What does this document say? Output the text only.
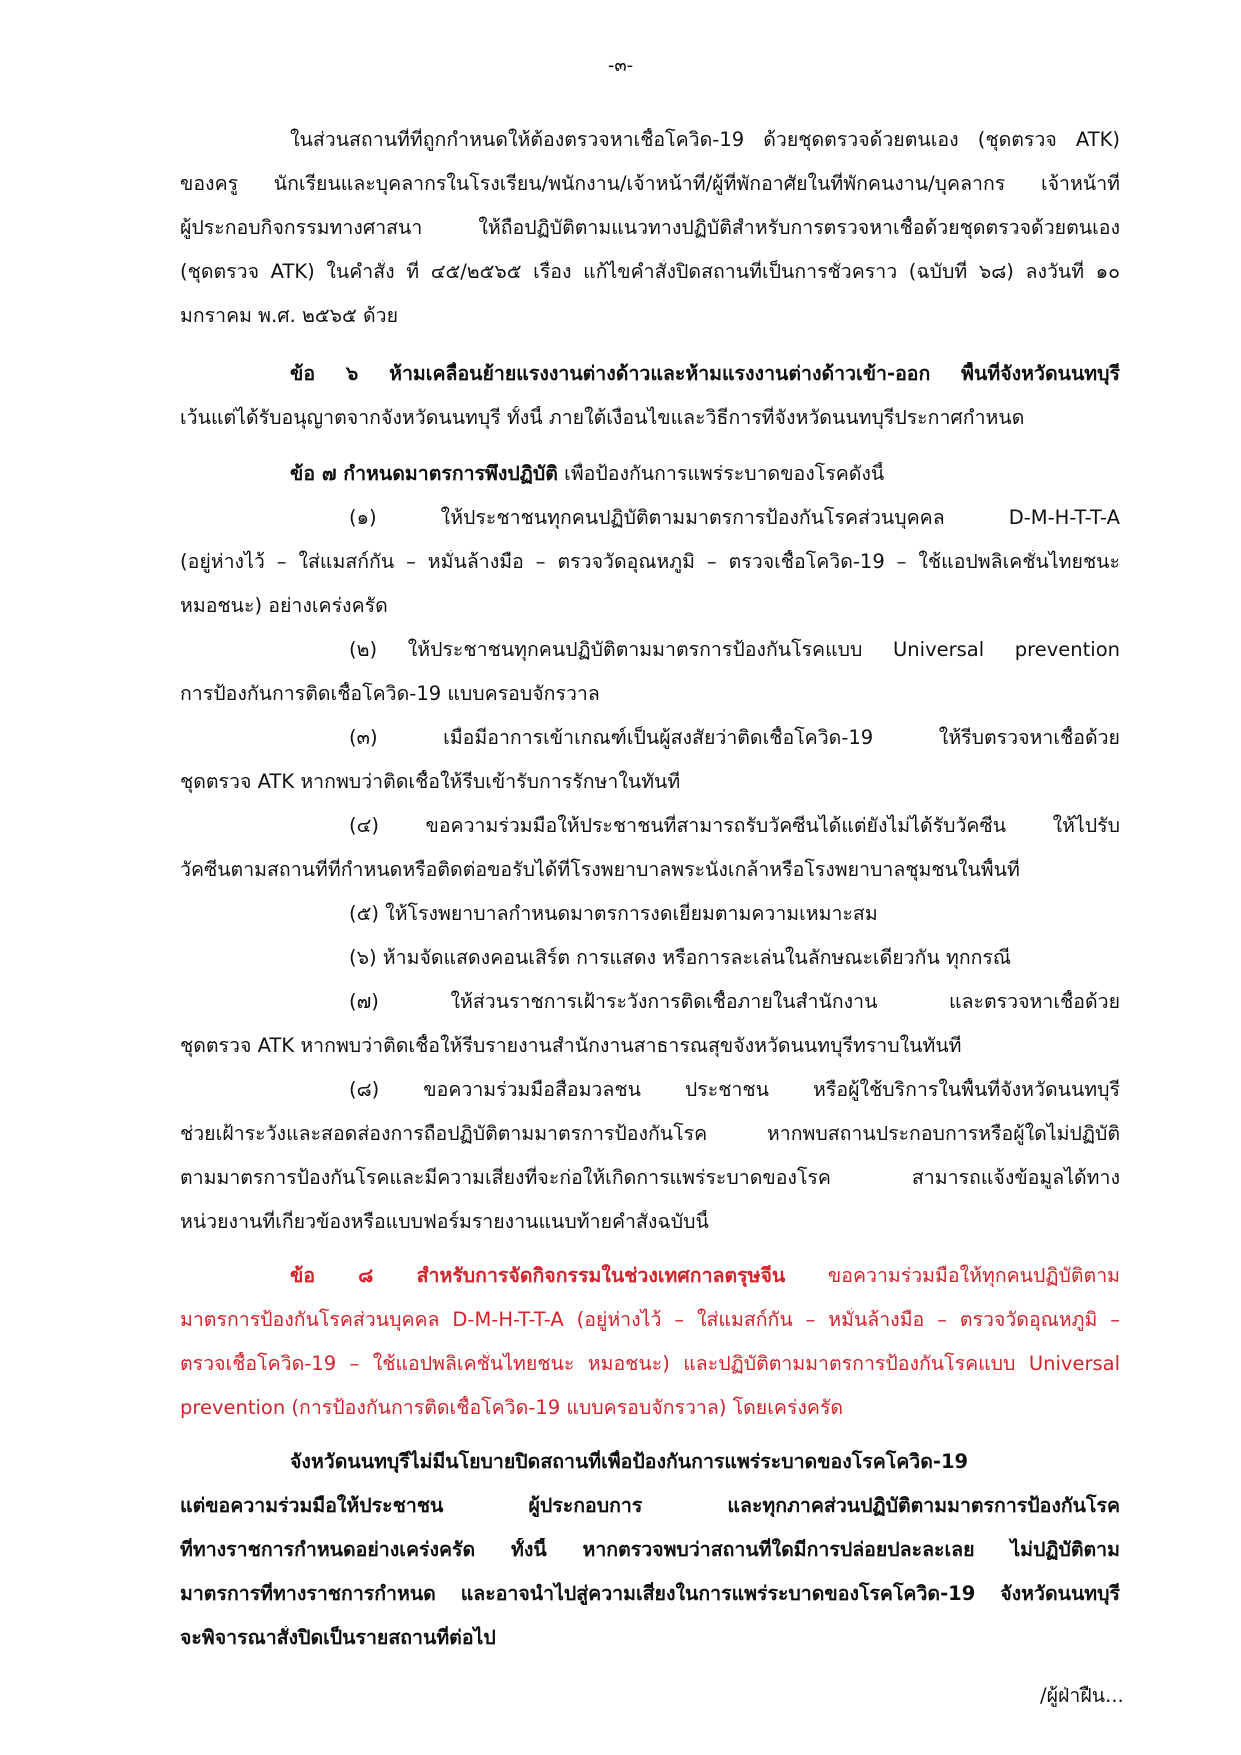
-๓-
ในส่วนสถานที่ที่ถูกกำหนดให้ต้องตรวจหาเชื้อโควิด-19 ด้วยชุดตรวจด้วยตนเอง (ชุดตรวจ ATK)
ของครู นักเรียนและบุคลากรในโรงเรียน/พนักงาน/เจ้าหน้าที่/ผู้ที่พักอาศัยในที่พักคนงาน/บุคลากร เจ้าหน้าที่
ผู้ประกอบกิจกรรมทางศาสนา ให้ถือปฏิบัติตามแนวทางปฏิบัติสำหรับการตรวจหาเชื้อด้วยชุดตรวจด้วยตนเอง
(ชุดตรวจ ATK) ในคำสั่ง ที่ ๔๕/๒๕๖๕ เรื่อง แก้ไขคำสั่งปิดสถานที่เป็นการชั่วคราว (ฉบับที่ ๖๘) ลงวันที่ ๑๐
มกราคม พ.ศ. ๒๕๖๕ ด้วย
ข้อ ๖ ห้ามเคลื่อนย้ายแรงงานต่างด้าวและห้ามแรงงานต่างด้าวเข้า-ออก พื้นที่จังหวัดนนทบุรี
เว้นแต่ได้รับอนุญาตจากจังหวัดนนทบุรี ทั้งนี้ ภายใต้เงื่อนไขและวิธีการที่จังหวัดนนทบุรีประกาศกำหนด
ข้อ ๗ กำหนดมาตรการพึงปฏิบัติ เพื่อป้องกันการแพร่ระบาดของโรคดังนี้
(๑) ให้ประชาชนทุกคนปฏิบัติตามมาตรการป้องกันโรคส่วนบุคคล D-M-H-T-T-A
(อยู่ห่างไว้ – ใส่แมสก์กัน – หมั่นล้างมือ – ตรวจวัดอุณหภูมิ – ตรวจเชื้อโควิด-19 – ใช้แอปพลิเคชั่นไทยชนะ
หมอชนะ) อย่างเคร่งครัด
(๒) ให้ประชาชนทุกคนปฏิบัติตามมาตรการป้องกันโรคแบบ Universal prevention
การป้องกันการติดเชื้อโควิด-19 แบบครอบจักรวาล
(๓) เมื่อมีอาการเข้าเกณฑ์เป็นผู้สงสัยว่าติดเชื้อโควิด-19 ให้รีบตรวจหาเชื้อด้วย
ชุดตรวจ ATK หากพบว่าติดเชื้อให้รีบเข้ารับการรักษาในทันที
(๔) ขอความร่วมมือให้ประชาชนที่สามารถรับวัคซีนได้แต่ยังไม่ได้รับวัคซีน ให้ไปรับ
วัคซีนตามสถานที่ที่กำหนดหรือติดต่อขอรับได้ที่โรงพยาบาลพระนั่งเกล้าหรือโรงพยาบาลชุมชนในพื้นที่
(๕) ให้โรงพยาบาลกำหนดมาตรการงดเยี่ยมตามความเหมาะสม
(๖) ห้ามจัดแสดงคอนเสิร์ต การแสดง หรือการละเล่นในลักษณะเดียวกัน ทุกกรณี
(๗) ให้ส่วนราชการเฝ้าระวังการติดเชื้อภายในสำนักงาน และตรวจหาเชื้อด้วย
ชุดตรวจ ATK หากพบว่าติดเชื้อให้รีบรายงานสำนักงานสาธารณสุขจังหวัดนนทบุรีทราบในทันที
(๘) ขอความร่วมมือสื่อมวลชน ประชาชน หรือผู้ใช้บริการในพื้นที่จังหวัดนนทบุรี
ช่วยเฝ้าระวังและสอดส่องการถือปฏิบัติตามมาตรการป้องกันโรค หากพบสถานประกอบการหรือผู้ใดไม่ปฏิบัติ
ตามมาตรการป้องกันโรคและมีความเสี่ยงที่จะก่อให้เกิดการแพร่ระบาดของโรค สามารถแจ้งข้อมูลได้ทาง
หน่วยงานที่เกี่ยวข้องหรือแบบฟอร์มรายงานแนบท้ายคำสั่งฉบับนี้
ข้อ ๘ สำหรับการจัดกิจกรรมในช่วงเทศกาลตรุษจีน ขอความร่วมมือให้ทุกคนปฏิบัติตาม
มาตรการป้องกันโรคส่วนบุคคล D-M-H-T-T-A (อยู่ห่างไว้ – ใส่แมสก์กัน – หมั่นล้างมือ – ตรวจวัดอุณหภูมิ –
ตรวจเชื้อโควิด-19 – ใช้แอปพลิเคชั่นไทยชนะ หมอชนะ) และปฏิบัติตามมาตรการป้องกันโรคแบบ Universal
prevention (การป้องกันการติดเชื้อโควิด-19 แบบครอบจักรวาล) โดยเคร่งครัด
จังหวัดนนทบุรีไม่มีนโยบายปิดสถานที่เพื่อป้องกันการแพร่ระบาดของโรคโควิด-19
แต่ขอความร่วมมือให้ประชาชน ผู้ประกอบการ และทุกภาคส่วนปฏิบัติตามมาตรการป้องกันโรค
ที่ทางราชการกำหนดอย่างเคร่งครัด ทั้งนี้ หากตรวจพบว่าสถานที่ใดมีการปล่อยปละละเลย ไม่ปฏิบัติตาม
มาตรการที่ทางราชการกำหนด และอาจนำไปสู่ความเสี่ยงในการแพร่ระบาดของโรคโควิด-19 จังหวัดนนทบุรี
จะพิจารณาสั่งปิดเป็นรายสถานที่ต่อไป
/ผู้ฝ่าฝืน...
